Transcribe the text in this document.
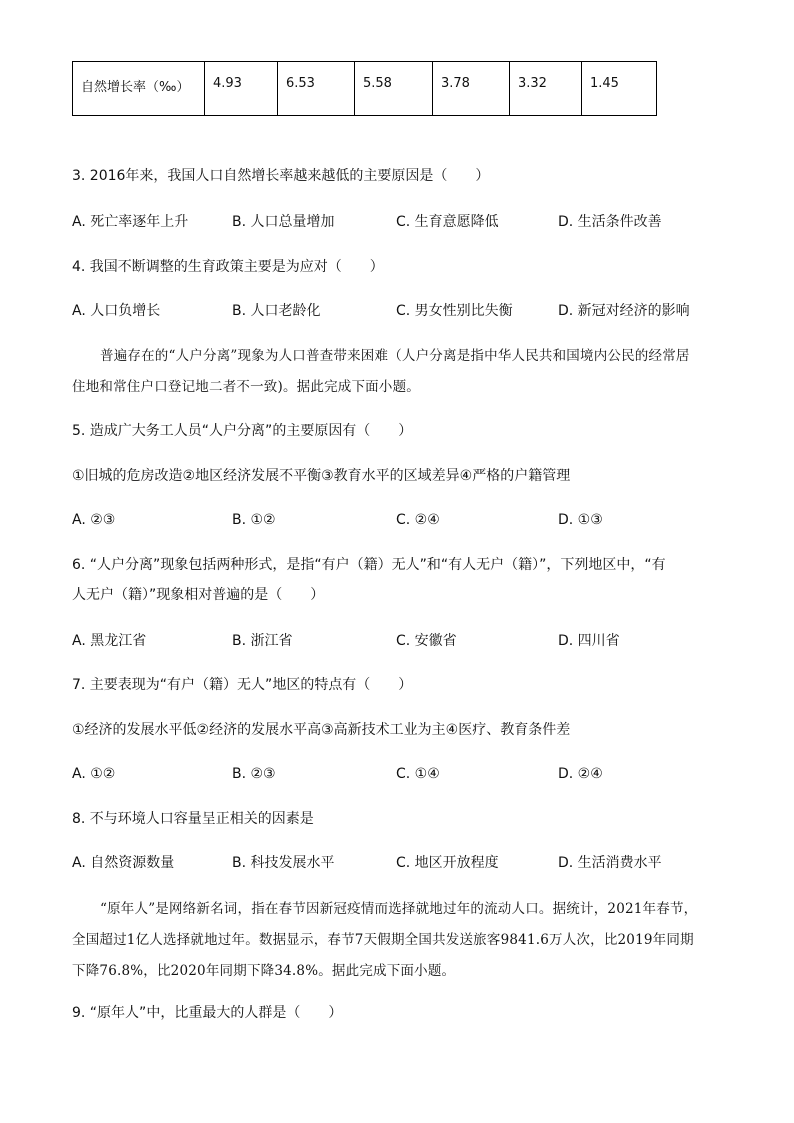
自然增长率（‰）	4.93	6.53	5.58	3.78	3.32	1.45
3. 2016年来，我国人口自然增长率越来越低的主要原因是（　　）
A. 死亡率逐年上升	B. 人口总量增加	C. 生育意愿降低	D. 生活条件改善
4. 我国不断调整的生育政策主要是为应对（　　）
A. 人口负增长	B. 人口老龄化	C. 男女性别比失衡	D. 新冠对经济的影响
普遍存在的“人户分离”现象为人口普查带来困难（人户分离是指中华人民共和国境内公民的经常居
住地和常住户口登记地二者不一致)。据此完成下面小题。
5. 造成广大务工人员“人户分离”的主要原因有（　　）
①旧城的危房改造②地区经济发展不平衡③教育水平的区域差异④严格的户籍管理
A. ②③	B. ①②	C. ②④	D. ①③
6. “人户分离”现象包括两种形式，是指“有户（籍）无人”和“有人无户（籍）”，下列地区中，“有
人无户（籍）”现象相对普遍的是（　　）
A. 黑龙江省	B. 浙江省	C. 安徽省	D. 四川省
7. 主要表现为“有户（籍）无人”地区的特点有（　　）
①经济的发展水平低②经济的发展水平高③高新技术工业为主④医疗、教育条件差
A. ①②	B. ②③	C. ①④	D. ②④
8. 不与环境人口容量呈正相关的因素是
A. 自然资源数量	B. 科技发展水平	C. 地区开放程度	D. 生活消费水平
“原年人”是网络新名词，指在春节因新冠疫情而选择就地过年的流动人口。据统计，2021年春节，
全国超过1亿人选择就地过年。数据显示，春节7天假期全国共发送旅客9841.6万人次，比2019年同期
下降76.8%，比2020年同期下降34.8%。据此完成下面小题。
9. “原年人”中，比重最大的人群是（　　）
